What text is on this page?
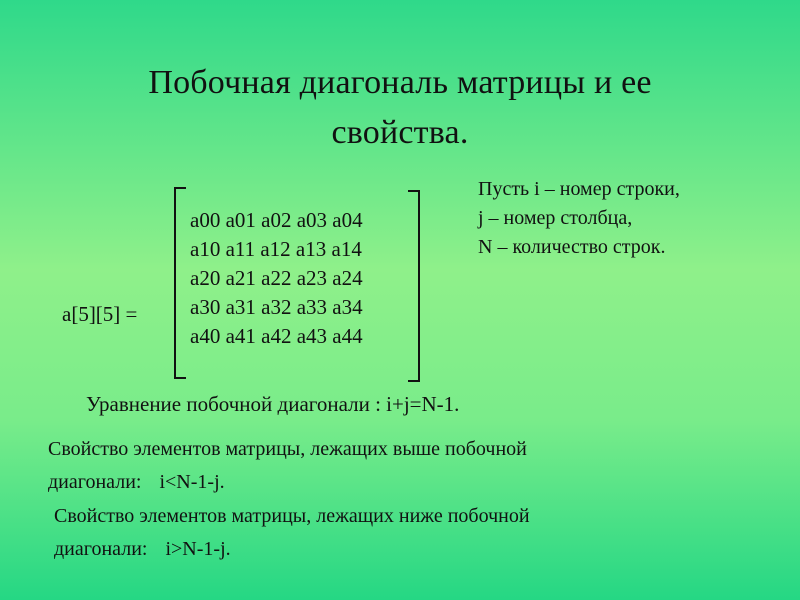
Побочная диагональ матрицы и ее
свойства.
a[5][5] =
a00 a01 a02 a03 a04
a10 a11 a12 a13 a14
a20 a21 a22 a23 a24
a30 a31 a32 a33 a34
a40 a41 a42 a43 a44
Пусть i – номер строки,
j – номер столбца,
N – количество строк.
Уравнение побочной диагонали : i+j=N-1.
Свойство элементов матрицы, лежащих выше побочной
диагонали: i<N-1-j.
Свойство элементов матрицы, лежащих ниже побочной
диагонали: i>N-1-j.
